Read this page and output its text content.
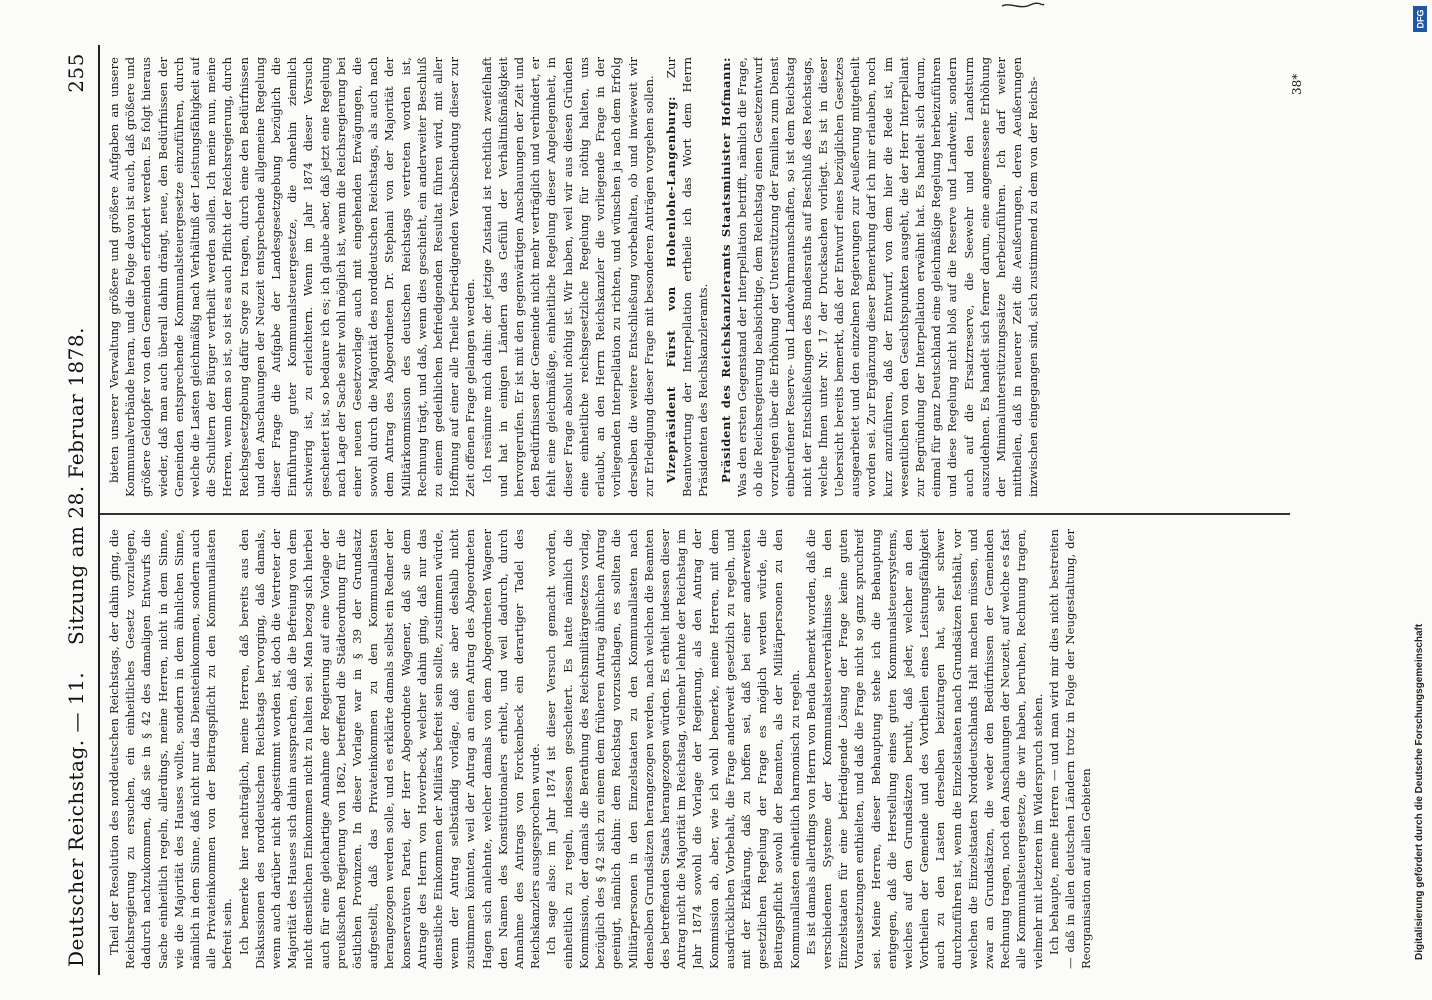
Deutscher Reichstag. — 11.
Sitzung am 28. Februar 1878.
255

Theil der Resolution des norddeutschen Reichstags, der dahin ging, die Reichsregierung zu ersuchen, ein einheitliches Gesetz vorzulegen, dadurch nachzukommen, daß sie in § 42 des damaligen Entwurfs die Sache einheitlich regeln, allerdings, meine Herren, nicht in dem Sinne, wie die Majorität des Hauses wollte, sondern in dem ähnlichen Sinne, nämlich in dem Sinne, daß nicht nur das Diensteinkommen, sondern auch alle Privateinkommen von der Beitragspflicht zu den Kommunallasten befreit sein. Ich bemerke hier nachträglich, meine Herren, daß bereits aus den Diskussionen des norddeutschen Reichstags hervorging, daß damals, wenn auch darüber nicht abgestimmt worden ist, doch die Vertreter der Majorität des Hauses sich dahin aussprachen, daß die Befreiung von dem nicht dienstlichen Einkommen nicht zu halten sei. Man bezog sich hierbei auch für eine gleichartige Annahme der Regierung auf eine Vorlage der preußischen Regierung von 1862, betreffend die Städteordnung für die östlichen Provinzen. In dieser Vorlage war in § 39 der Grundsatz aufgestellt, daß das Privateinkommen zu den Kommunallasten herangezogen werden solle, und es erklärte damals selbst ein Redner der konservativen Partei, der Herr Abgeordnete Wagener, daß sie dem Antrage des Herrn von Hoverbeck, welcher dahin ging, daß nur das dienstliche Einkommen der Militärs befreit sein sollte, zustimmen würde, wenn der Antrag selbständig vorläge, daß sie aber deshalb nicht zustimmen könnten, weil der Antrag an einen Antrag des Abgeordneten Hagen sich anlehnte, welcher damals von dem Abgeordneten Wagener den Namen des Konstitutionalers erhielt, und weil dadurch, durch Annahme des Antrags von Forckenbeck ein derartiger Tadel des Reichskanzlers ausgesprochen wurde. Ich sage also: im Jahr 1874 ist dieser Versuch gemacht worden, einheitlich zu regeln, indessen gescheitert. Es hatte nämlich die Kommission, der damals die Berathung des Reichsmilitärgesetzes vorlag, bezüglich des § 42 sich zu einem dem früheren Antrag ähnlichen Antrag geeinigt, nämlich dahin: dem Reichstag vorzuschlagen, es sollten die Militärpersonen in den Einzelstaaten zu den Kommunallasten nach denselben Grundsätzen herangezogen werden, nach welchen die Beamten des betreffenden Staats herangezogen würden. Es erhielt indessen dieser Antrag nicht die Majorität im Reichstag, vielmehr lehnte der Reichstag im Jahr 1874 sowohl die Vorlage der Regierung, als den Antrag der Kommission ab, aber, wie ich wohl bemerke, meine Herren, mit dem ausdrücklichen Vorbehalt, die Frage anderweit gesetzlich zu regeln, und mit der Erklärung, daß zu hoffen sei, daß bei einer anderweiten gesetzlichen Regelung der Frage es möglich werden würde, die Beitragspflicht sowohl der Beamten, als der Militärpersonen zu den Kommunallasten einheitlich harmonisch zu regeln. Es ist damals allerdings von Herrn von Benda bemerkt worden, daß die verschiedenen Systeme der Kommunalsteuerverhältnisse in den Einzelstaaten für eine befriedigende Lösung der Frage keine guten Voraussetzungen enthielten, und daß die Frage nicht so ganz spruchreif sei. Meine Herren, dieser Behauptung stehe ich die Behauptung entgegen, daß die Herstellung eines guten Kommunalsteuersystems, welches auf den Grundsätzen beruht, daß jeder, welcher an den Vortheilen der Gemeinde und des Vortheilen eines Leistungsfähigkeit auch zu den Lasten derselben beizutragen hat, sehr schwer durchzuführen ist, wenn die Einzelstaaten nach Grundsätzen festhält, vor welchen die Einzelstaaten Norddeutschlands Halt machen müssen, und zwar an Grundsätzen, die weder den Bedürfnissen der Gemeinden Rechnung tragen, noch den Anschauungen der Neuzeit, auf welche es fast alle Kommunalsteuergesetze, die wir haben, beruhen, Rechnung tragen, vielmehr mit letzteren im Widerspruch stehen. Ich behaupte, meine Herren — und man wird mir dies nicht bestreiten — daß in allen deutschen Ländern trotz in Folge der Neugestaltung, der Reorganisation auf allen Gebieten

bieten unserer Verwaltung größere und größere Aufgaben an unsere Kommunalverbände heran, und die Folge davon ist auch, daß größere und größere Geldopfer von den Gemeinden erfordert werden. Es folgt hieraus wieder, daß man auch überall dahin drängt, neue, den Bedürfnissen der Gemeinden entsprechende Kommunalsteuergesetze einzuführen, durch welche die Lasten gleichmäßig nach Verhältniß der Leistungsfähigkeit auf die Schultern der Bürger vertheilt werden sollen. Ich meine nun, meine Herren, wenn dem so ist, so ist es auch Pflicht der Reichsregierung, durch Reichsgesetzgebung dafür Sorge zu tragen, durch eine den Bedürfnissen und den Anschauungen der Neuzeit entsprechende allgemeine Regelung dieser Frage die Aufgabe der Landesgesetzgebung bezüglich die Einführung guter Kommunalsteuergesetze, die ohnehin ziemlich schwierig ist, zu erleichtern. Wenn im Jahr 1874 dieser Versuch gescheitert ist, so bedaure ich es; ich glaube aber, daß jetzt eine Regelung nach Lage der Sache sehr wohl möglich ist, wenn die Reichsregierung bei einer neuen Gesetzvorlage auch mit eingehenden Erwägungen, die sowohl durch die Majorität des norddeutschen Reichstags, als auch nach dem Antrag des Abgeordneten Dr. Stephani von der Majorität der Militärkommission des deutschen Reichstags vertreten worden ist, Rechnung trägt, und daß, wenn dies geschieht, ein anderweiter Beschluß zu einem gedeihlichen befriedigenden Resultat führen wird, mit aller Hoffnung auf einer alle Theile befriedigenden Verabschiedung dieser zur Zeit offenen Frage gelangen werden. Ich resümire mich dahin: der jetzige Zustand ist rechtlich zweifelhaft und hat in einigen Ländern das Gefühl der Verhältnißmäßigkeit hervorgerufen. Er ist mit den gegenwärtigen Anschauungen der Zeit und den Bedürfnissen der Gemeinde nicht mehr verträglich und verhindert, er fehlt eine gleichmäßige, einheitliche Regelung dieser Angelegenheit, in dieser Frage absolut nöthig ist. Wir haben, weil wir aus diesen Gründen eine einheitliche reichsgesetzliche Regelung für nöthig halten, uns erlaubt, an den Herrn Reichskanzler die vorliegende Frage in der vorliegenden Interpellation zu richten, und wünschen ja nach dem Erfolg derselben die weitere Entschließung vorbehalten, ob und inwieweit wir zur Erledigung dieser Frage mit besonderen Anträgen vorgehen sollen. Vizepräsident Fürst von Hohenlohe-Langenburg: Zur Beantwortung der Interpellation ertheile ich das Wort dem Herrn Präsidenten des Reichskanzleramts. Präsident des Reichskanzleramts Staatsminister Hofmann: Was den ersten Gegenstand der Interpellation betrifft, nämlich die Frage, ob die Reichsregierung beabsichtige, dem Reichstag einen Gesetzentwurf vorzulegen über die Erhöhung der Unterstützung der Familien zum Dienst einberufener Reserve- und Landwehrmannschaften, so ist dem Reichstag nicht der Entschließungen des Bundesraths auf Beschluß des Reichstags, welche Ihnen unter Nr. 17 der Drucksachen vorliegt. Es ist in dieser Uebersicht bereits bemerkt, daß der Entwurf eines bezüglichen Gesetzes ausgearbeitet und den einzelnen Regierungen zur Aeußerung mitgetheilt worden sei. Zur Ergänzung dieser Bemerkung darf ich mir erlauben, noch kurz anzuführen, daß der Entwurf, von dem hier die Rede ist, im wesentlichen von den Gesichtspunkten ausgeht, die der Herr Interpellant zur Begründung der Interpellation erwähnt hat. Es handelt sich darum, einmal für ganz Deutschland eine gleichmäßige Regelung herbeizuführen und diese Regelung nicht bloß auf die Reserve und Landwehr, sondern auch auf die Ersatzreserve, die Seewehr und den Landsturm auszudehnen. Es handelt sich ferner darum, eine angemessene Erhöhung der Minimalunterstützungssätze herbeizuführen. Ich darf weiter mittheilen, daß in neuerer Zeit die Aeußerungen, deren Aeußerungen inzwischen eingegangen sind, sich zustimmend zu dem von der Reichs-	38*
DFG
Digitalisierung gefördert durch die Deutsche Forschungsgemeinschaft
